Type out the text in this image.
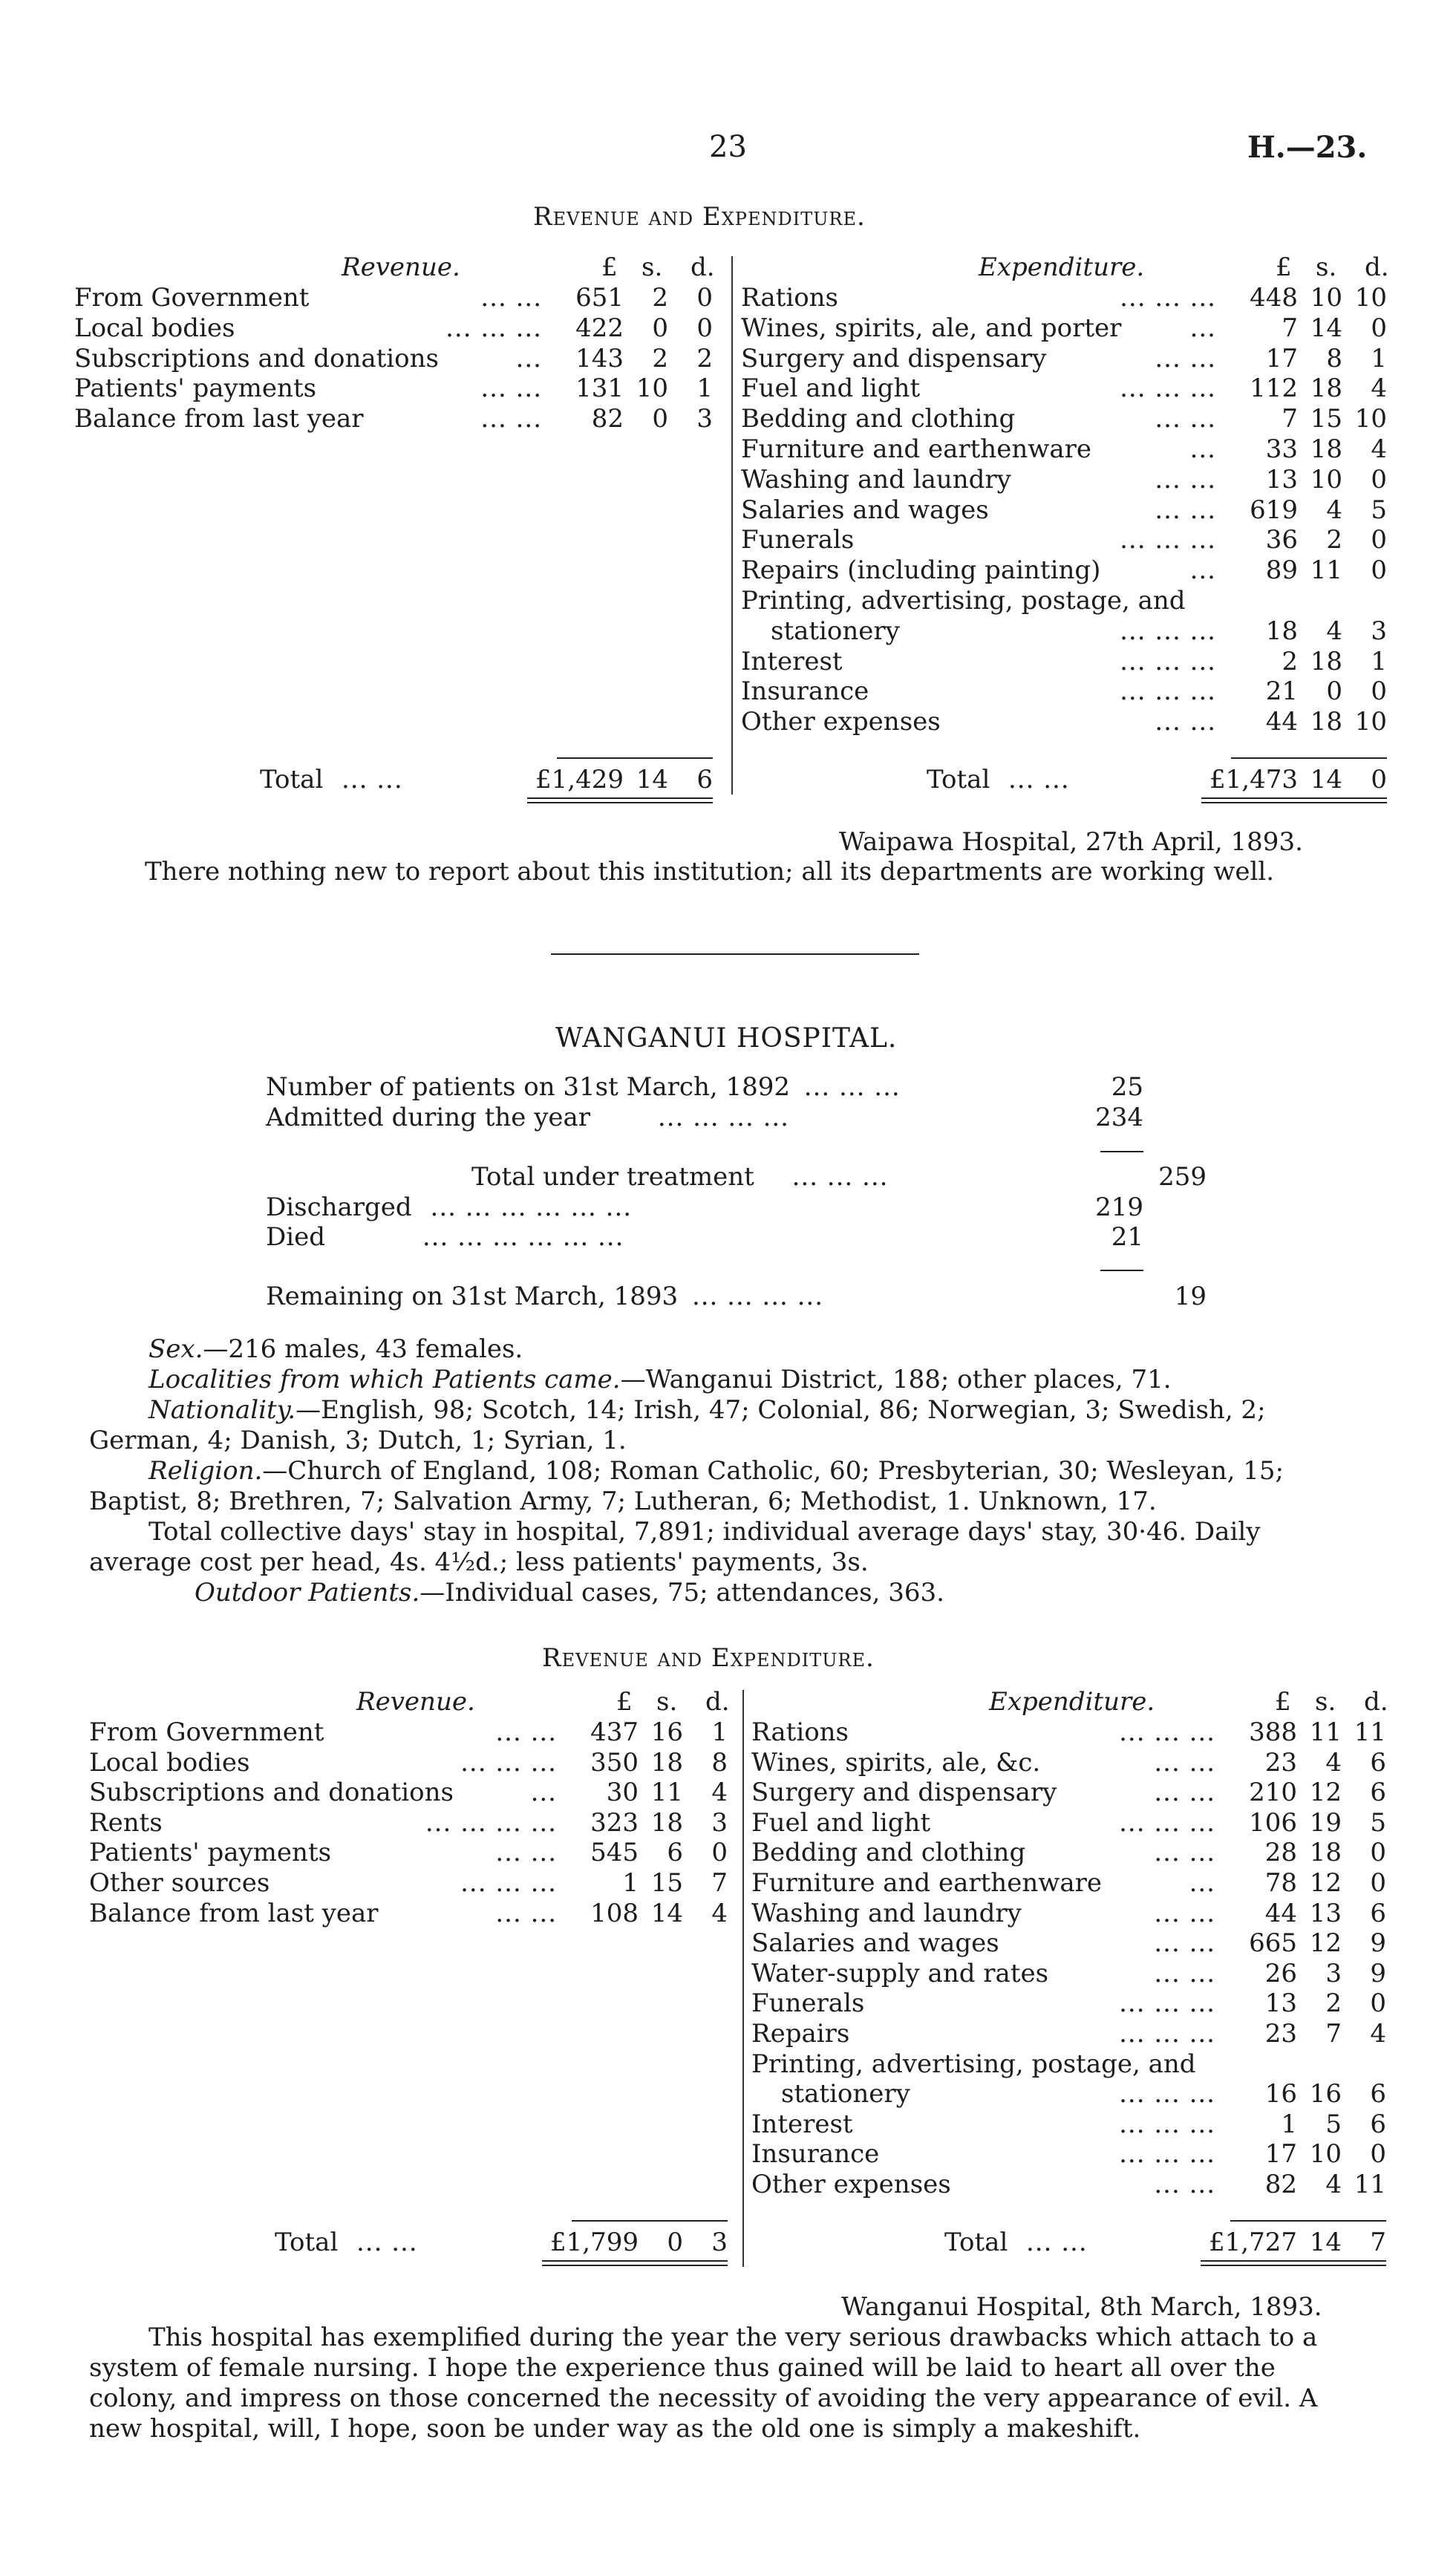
23	H.—23.
Revenue and Expenditure.
Revenue.	£ s. d.
From Government	... ...	651	2	0
Local bodies	... ... ...	422	0	0
Subscriptions and donations	...	143	2	2
Patients' payments	... ...	131 10	1
Balance from last year	... ...	82	0	3
Total ... ...	£1,429 14	6
Expenditure.	£ s. d.
Rations	... ... ...	448 10 10
Wines, spirits, ale, and porter	...	7 14	0
Surgery and dispensary	... ...	17	8	1
Fuel and light	... ... ...	112 18	4
Bedding and clothing	... ...	7 15 10
Furniture and earthenware	...	33 18	4
Washing and laundry	... ...	13 10	0
Salaries and wages	... ...	619	4	5
Funerals	... ... ...	36	2	0
Repairs (including painting)	...	89 11	0
Printing, advertising, postage, and
stationery	... ... ...	18	4	3
Interest	... ... ...	2 18	1
Insurance	... ... ...	21	0	0
Other expenses	... ...	44 18 10
Total ... ...	£1,473 14	0
Waipawa Hospital, 27th April, 1893.
There nothing new to report about this institution; all its departments are working well.
WANGANUI HOSPITAL.
Number of patients on 31st March, 1892 ... ... ...	25
Admitted during the year	... ... ... ...	234
Total under treatment ... ... ...	259
Discharged ... ... ... ... ... ...	219
Died	... ... ... ... ... ...	21
Remaining on 31st March, 1893 ... ... ... ...	19
Sex.—216 males, 43 females.
Localities from which Patients came.—Wanganui District, 188; other places, 71.
Nationality.—English, 98; Scotch, 14; Irish, 47; Colonial, 86; Norwegian, 3; Swedish, 2;
German, 4; Danish, 3; Dutch, 1; Syrian, 1.
Religion.—Church of England, 108; Roman Catholic, 60; Presbyterian, 30; Wesleyan, 15;
Baptist, 8; Brethren, 7; Salvation Army, 7; Lutheran, 6; Methodist, 1. Unknown, 17.
Total collective days' stay in hospital, 7,891; individual average days' stay, 30·46. Daily
average cost per head, 4s. 4½d.; less patients' payments, 3s.
Outdoor Patients.—Individual cases, 75; attendances, 363.
Revenue and Expenditure.
Revenue.	£ s. d.
From Government	... ...	437 16	1
Local bodies	... ... ...	350 18	8
Subscriptions and donations	...	30 11	4
Rents	... ... ... ...	323 18	3
Patients' payments	... ...	545	6	0
Other sources	... ... ...	1 15	7
Balance from last year	... ...	108 14	4
Total ... ...	£1,799	0	3
Expenditure.	£ s. d.
Rations	... ... ...	388 11 11
Wines, spirits, ale, &c.	... ...	23	4	6
Surgery and dispensary	... ...	210 12	6
Fuel and light	... ... ...	106 19	5
Bedding and clothing	... ...	28 18	0
Furniture and earthenware	...	78 12	0
Washing and laundry	... ...	44 13	6
Salaries and wages	... ...	665 12	9
Water-supply and rates	... ...	26	3	9
Funerals	... ... ...	13	2	0
Repairs	... ... ...	23	7	4
Printing, advertising, postage, and
stationery	... ... ...	16 16	6
Interest	... ... ...	1	5	6
Insurance	... ... ...	17 10	0
Other expenses	... ...	82	4 11
Total ... ...	£1,727 14	7
Wanganui Hospital, 8th March, 1893.
This hospital has exemplified during the year the very serious drawbacks which attach to a
system of female nursing. I hope the experience thus gained will be laid to heart all over the
colony, and impress on those concerned the necessity of avoiding the very appearance of evil. A
new hospital, will, I hope, soon be under way as the old one is simply a makeshift.
